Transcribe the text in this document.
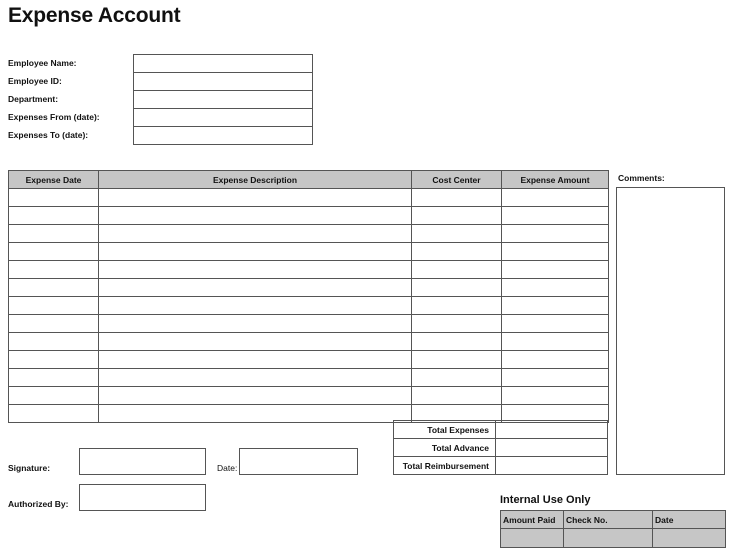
Expense Account
Employee Name:
Employee ID:
Department:
Expenses From (date):
Expenses To (date):
Expense Date	Expense Description	Cost Center	Expense Amount

Total Expenses	
Total Advance	
Total Reimbursement	
Comments:
Signature:	Date:
Authorized By:	Internal Use Only
Amount Paid	Check No.	Date
